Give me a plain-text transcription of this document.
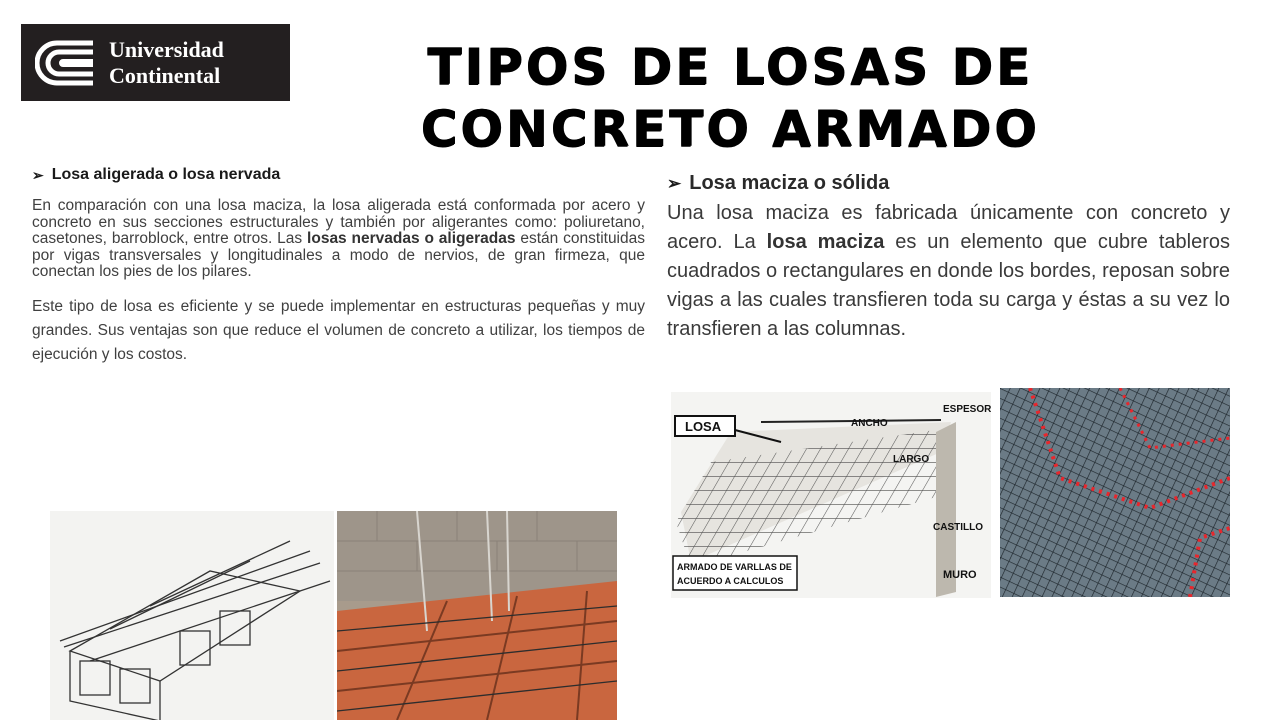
Universidad
Continental	TIPOS DE LOSAS DE CONCRETO ARMADO
➢ Losa aligerada o losa nervada
En comparación con una losa maciza, la losa aligerada está conformada por acero y concreto en sus secciones estructurales y también por aligerantes como: poliuretano, casetones, barroblock, entre otros. Las losas nervadas o aligeradas están constituidas por vigas transversales y longitudinales a modo de nervios, de gran firmeza, que conectan los pies de los pilares.
Este tipo de losa es eficiente y se puede implementar en estructuras pequeñas y muy grandes. Sus ventajas son que reduce el volumen de concreto a utilizar, los tiempos de ejecución y los costos.
➢ Losa maciza o sólida
Una losa maciza es fabricada únicamente con concreto y acero. La losa maciza es un elemento que cubre tableros cuadrados o rectangulares en donde los bordes, reposan sobre vigas a las cuales transfieren toda su carga y éstas a su vez lo transfieren a las columnas.
LOSA	ANCHO
ESPESOR
LARGO
CASTILLO
MURO
ARMADO DE VARLLAS DE
ACUERDO A CALCULOS
